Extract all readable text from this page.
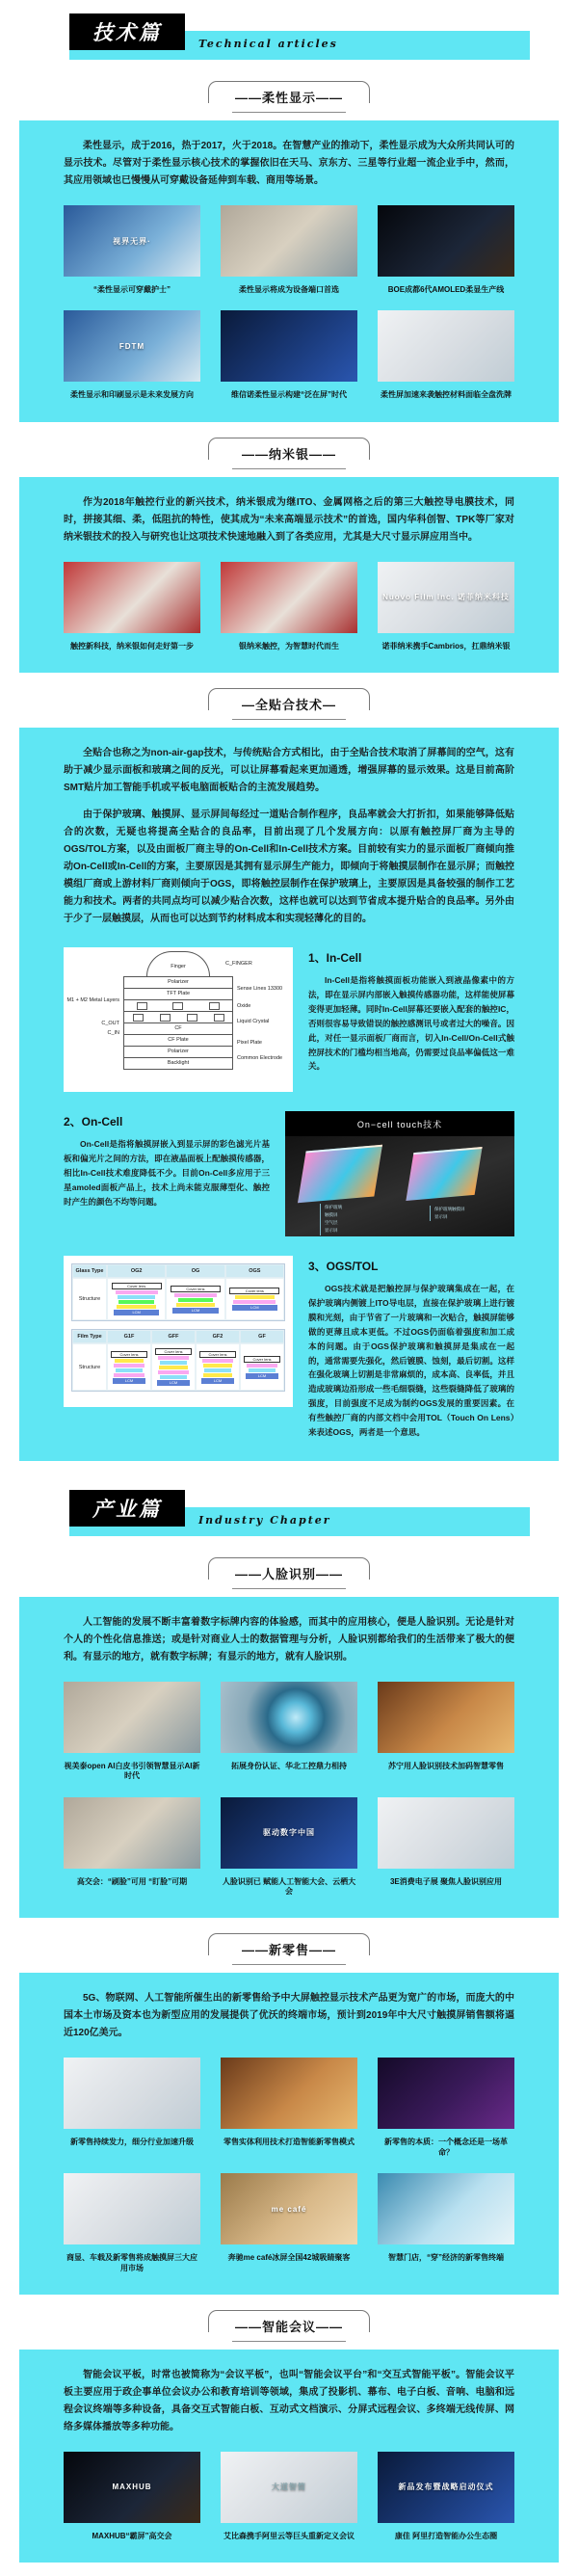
技术篇	Technical articles
——柔性显示——

柔性显示，成于2016，热于2017，火于2018。在智慧产业的推动下，柔性显示成为大众所共同认可的显示技术。尽管对于柔性显示核心技术的掌握依旧在天马、京东方、三星等行业超一流企业手中，然而，其应用领域也已慢慢从可穿戴设备延伸到车载、商用等场景。

视界无界·
“柔性显示可穿戴护士”	柔性显示将成为设备端口首选	BOE成都6代AMOLED柔显生产线
FDTM
柔性显示和印刷显示是未来发展方向	维信诺柔性显示构建“泛在屏”时代	柔性屏加速来袭触控材料面临全盘洗牌
——纳米银——

作为2018年触控行业的新兴技术，纳米银成为继ITO、金属网格之后的第三大触控导电膜技术，同时，拼接其细、柔，低阻抗的特性，使其成为“未来高端显示技术”的首选，国内华科创智、TPK等厂家对纳米银技术的投入与研究也让这项技术快速地融入到了各类应用，尤其是大尺寸显示屏应用当中。

触控新科技，纳米银如何走好第一步	银纳米触控，为智慧时代而生
Nuovo Film Inc. 诺菲纳米科技
诺菲纳米携手Cambrios，扛鼎纳米银
—全贴合技术—

全贴合也称之为non-air-gap技术，与传统贴合方式相比，由于全贴合技术取消了屏幕间的空气，这有助于减少显示面板和玻璃之间的反光，可以让屏幕看起来更加通透，增强屏幕的显示效果。这是目前高阶SMT贴片加工智能手机或平板电脑面板贴合的主流发展趋势。

由于保护玻璃、触摸屏、显示屏间每经过一道贴合制作程序，良品率就会大打折扣，如果能够降低贴合的次数，无疑也将提高全贴合的良品率，目前出现了几个发展方向：以原有触控屏厂商为主导的OGS/TOL方案，以及由面板厂商主导的On-Cell和In-Cell技术方案。目前较有实力的显示面板厂商倾向推动On-Cell或In-Cell的方案，主要原因是其拥有显示屏生产能力，即倾向于将触摸层制作在显示屏；而触控模组厂商或上游材料厂商则倾向于OGS，即将触控层制作在保护玻璃上，主要原因是具备较强的制作工艺能力和技术。两者的共同点均可以减少贴合次数，这样也就可以达到节省成本提升贴合的良品率。另外由于少了一层触摸层，从而也可以达到节约材料成本和实现轻薄化的目的。

Finger	C_FINGER
Polarizer
TFT Plate
CF
CF Plate
Polarizer
Backlight
M1 + M2 Metal Layers
C_OUT
C_IN
Sense Lines 13300
Oxide
Liquid Crystal
Pixel Plate
Common Electrode
1、In-Cell

In-Cell是指将触摸面板功能嵌入到液晶像素中的方法，即在显示屏内部嵌入触摸传感器功能，这样能使屏幕变得更加轻薄。同时In-Cell屏幕还要嵌入配套的触控IC，否则很容易导致错误的触控感测讯号或者过大的噪音。因此，对任一显示面板厂商而言，切入In-Cell/On-Cell式触控屏技术的门槛均相当地高，仍需要过良品率偏低这一难关。

2、On-Cell

On-Cell是指将触摸屏嵌入到显示屏的彩色滤光片基板和偏光片之间的方法，即在液晶面板上配触摸传感器，相比In-Cell技术难度降低不少。目前On-Cell多应用于三星amoled面板产品上，技术上尚未能克服薄型化、触控时产生的颜色不均等问题。

On−cell touch技术
保护玻璃
触摸屏
空气层
显示屏
保护玻璃触摸屏
显示屏
Glass Type	OG2	OG	OGS
Structure
Cover lens
LCM
Cover lens
LCM
Cover lens
LCM
Film Type	G1F	GFF	GF2	GF
Structure
Cover lens
LCM
Cover lens
LCM
Cover lens
LCM
Cover lens
LCM
3、OGS/TOL

OGS技术就是把触控屏与保护玻璃集成在一起，在保护玻璃内侧镀上ITO导电层，直接在保护玻璃上进行镀膜和光刻，由于节省了一片玻璃和一次贴合，触摸屏能够做的更薄且成本更低。不过OGS仍面临着强度和加工成本的问题。由于OGS保护玻璃和触摸屏是集成在一起的，通常需要先强化，然后镀膜、蚀刻，最后切割。这样在强化玻璃上切割是非常麻烦的，成本高、良率低，并且造成玻璃边沿形成一些毛细裂缝，这些裂缝降低了玻璃的强度，目前强度不足成为制约OGS发展的重要因素。在有些触控厂商的内部文档中会用TOL（Touch On Lens）来表述OGS，两者是一个意思。

产业篇	Industry Chapter
——人脸识别——

人工智能的发展不断丰富着数字标牌内容的体验感，而其中的应用核心，便是人脸识别。无论是针对个人的个性化信息推送；或是针对商业人士的数据管理与分析，人脸识别都给我们的生活带来了极大的便利。有显示的地方，就有数字标牌；有显示的地方，就有人脸识别。

视美泰open AI白皮书引领智慧显示AI新时代
拓展身份认证、华北工控鼎力相持	苏宁用人脸识别技术加码智慧零售
高交会：“刷脸”可用 “盯脸”可期
驱动数字中国
人脸识别已 赋能人工智能大会、云栖大会
3E消费电子展 聚焦人脸识别应用
——新零售——

5G、物联网、人工智能所催生出的新零售给予中大屏触控显示技术产品更为宽广的市场，而庞大的中国本土市场及资本也为新型应用的发展提供了优沃的终端市场，预计到2019年中大尺寸触摸屏销售额将逼近120亿美元。

新零售持续发力，细分行业加速升级	零售实体利用技术打造智能新零售模式	新零售的本质：一个概念还是一场革命？
商显、车载及新零售将成触摸屏三大应用市场
me café
奔驰me café冰屏全国42城吸睛聚客	智慧门店，“穿”经济的新零售终端
——智能会议——

智能会议平板，时常也被简称为“会议平板”，也叫“智能会议平台”和“交互式智能平板”。智能会议平板主要应用于政企事单位会议办公和教育培训等领域，集成了投影机、幕布、电子白板、音响、电脑和远程会议终端等多种设备，具备交互式智能白板、互动式文档演示、分屏式远程会议、多终端无线传屏、网络多媒体播放等多种功能。

MAXHUB
MAXHUB“霸屏”高交会
大道智简
艾比森携手阿里云等巨头重新定义会议
新品发布暨战略启动仪式
康佳 阿里打造智能办公生态圈
